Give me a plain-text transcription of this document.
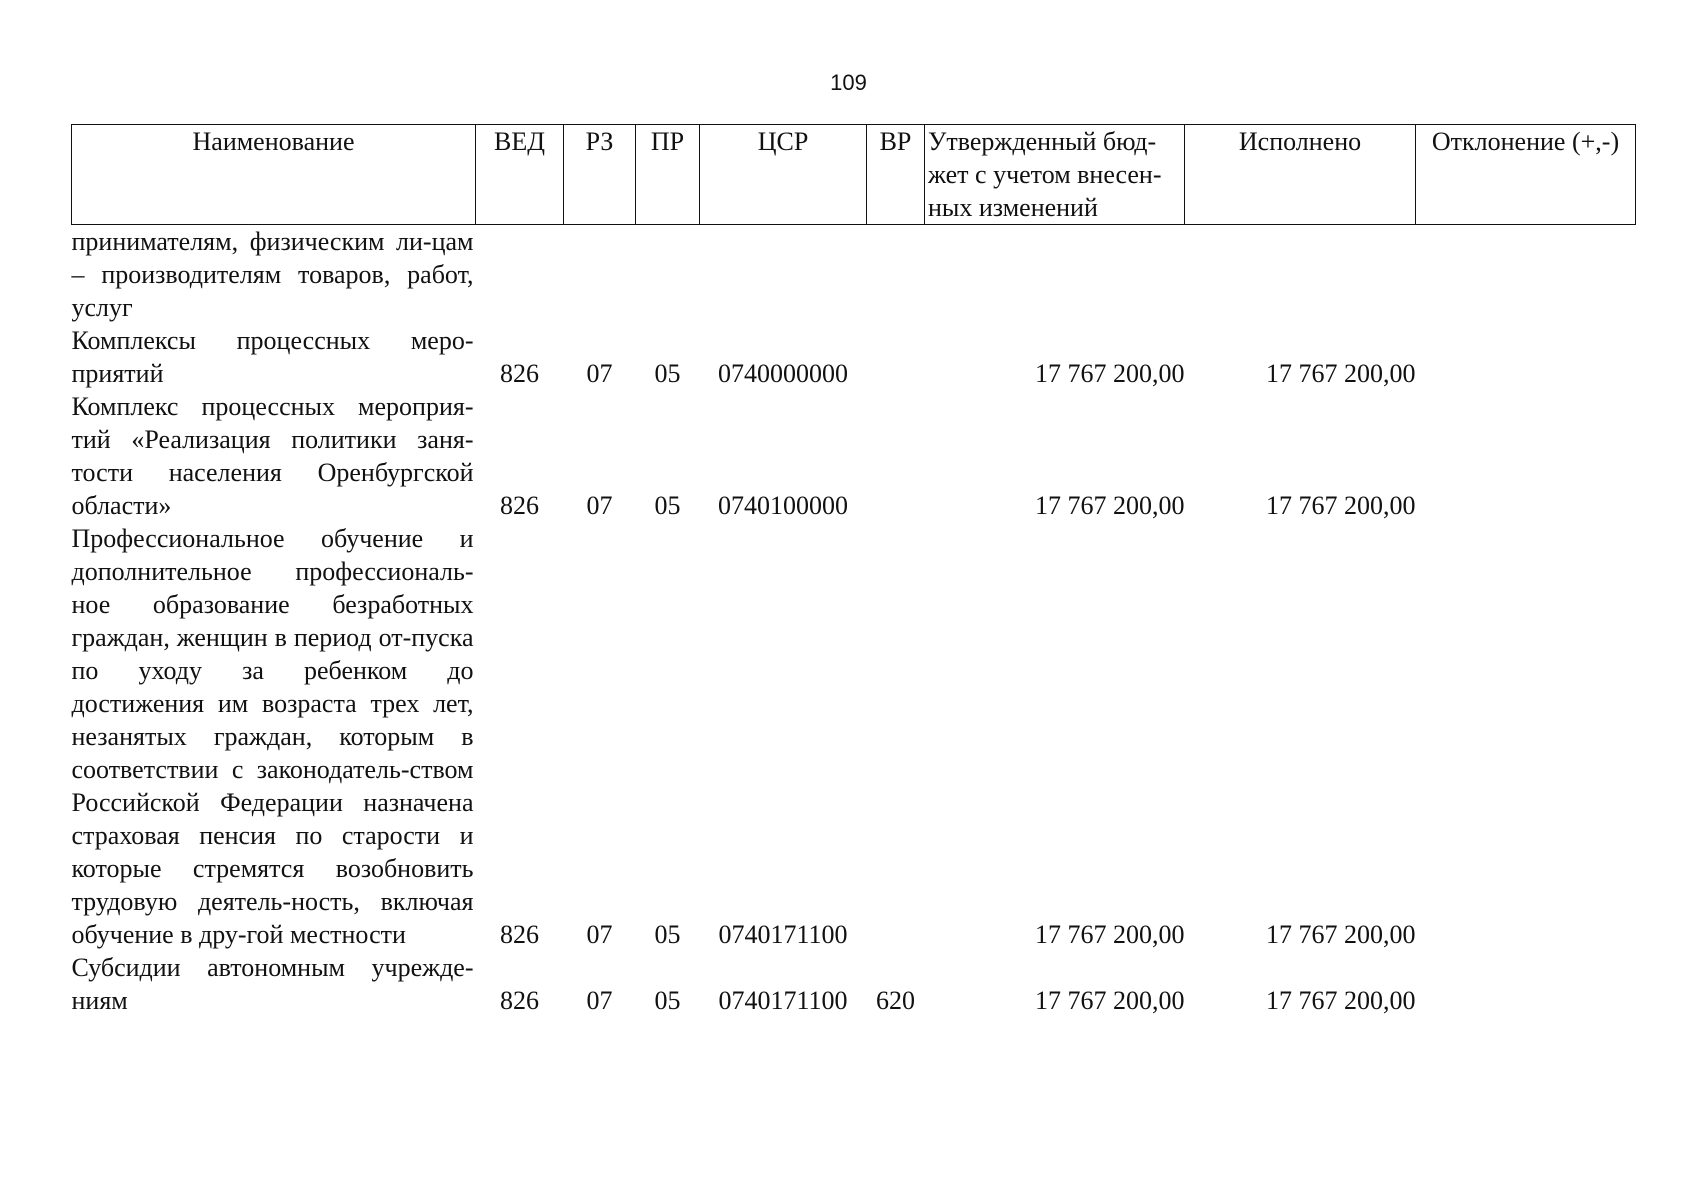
109
Наименование	ВЕД	РЗ	ПР	ЦСР	ВР	Утвержденный бюд-
жет с учетом внесен-
ных изменений	Исполнено	Отклонение (+,-)
принимателям, физическим ли-цам – производителям товаров, работ, услуг								
Комплексы процессных меро-приятий	826	07	05	0740000000		17 767 200,00	17 767 200,00	
Комплекс процессных мероприя-тий «Реализация политики заня-тости населения Оренбургской области»	826	07	05	0740100000		17 767 200,00	17 767 200,00	
Профессиональное обучение и дополнительное профессиональ-ное образование безработных граждан, женщин в период от-пуска по уходу за ребенком до достижения им возраста трех лет, незанятых граждан, которым в соответствии с законодатель-ством Российской Федерации назначена страховая пенсия по старости и которые стремятся возобновить трудовую деятель-ность, включая обучение в дру-гой местности	826	07	05	0740171100		17 767 200,00	17 767 200,00	
Субсидии автономным учрежде-ниям	826	07	05	0740171100	620	17 767 200,00	17 767 200,00	
